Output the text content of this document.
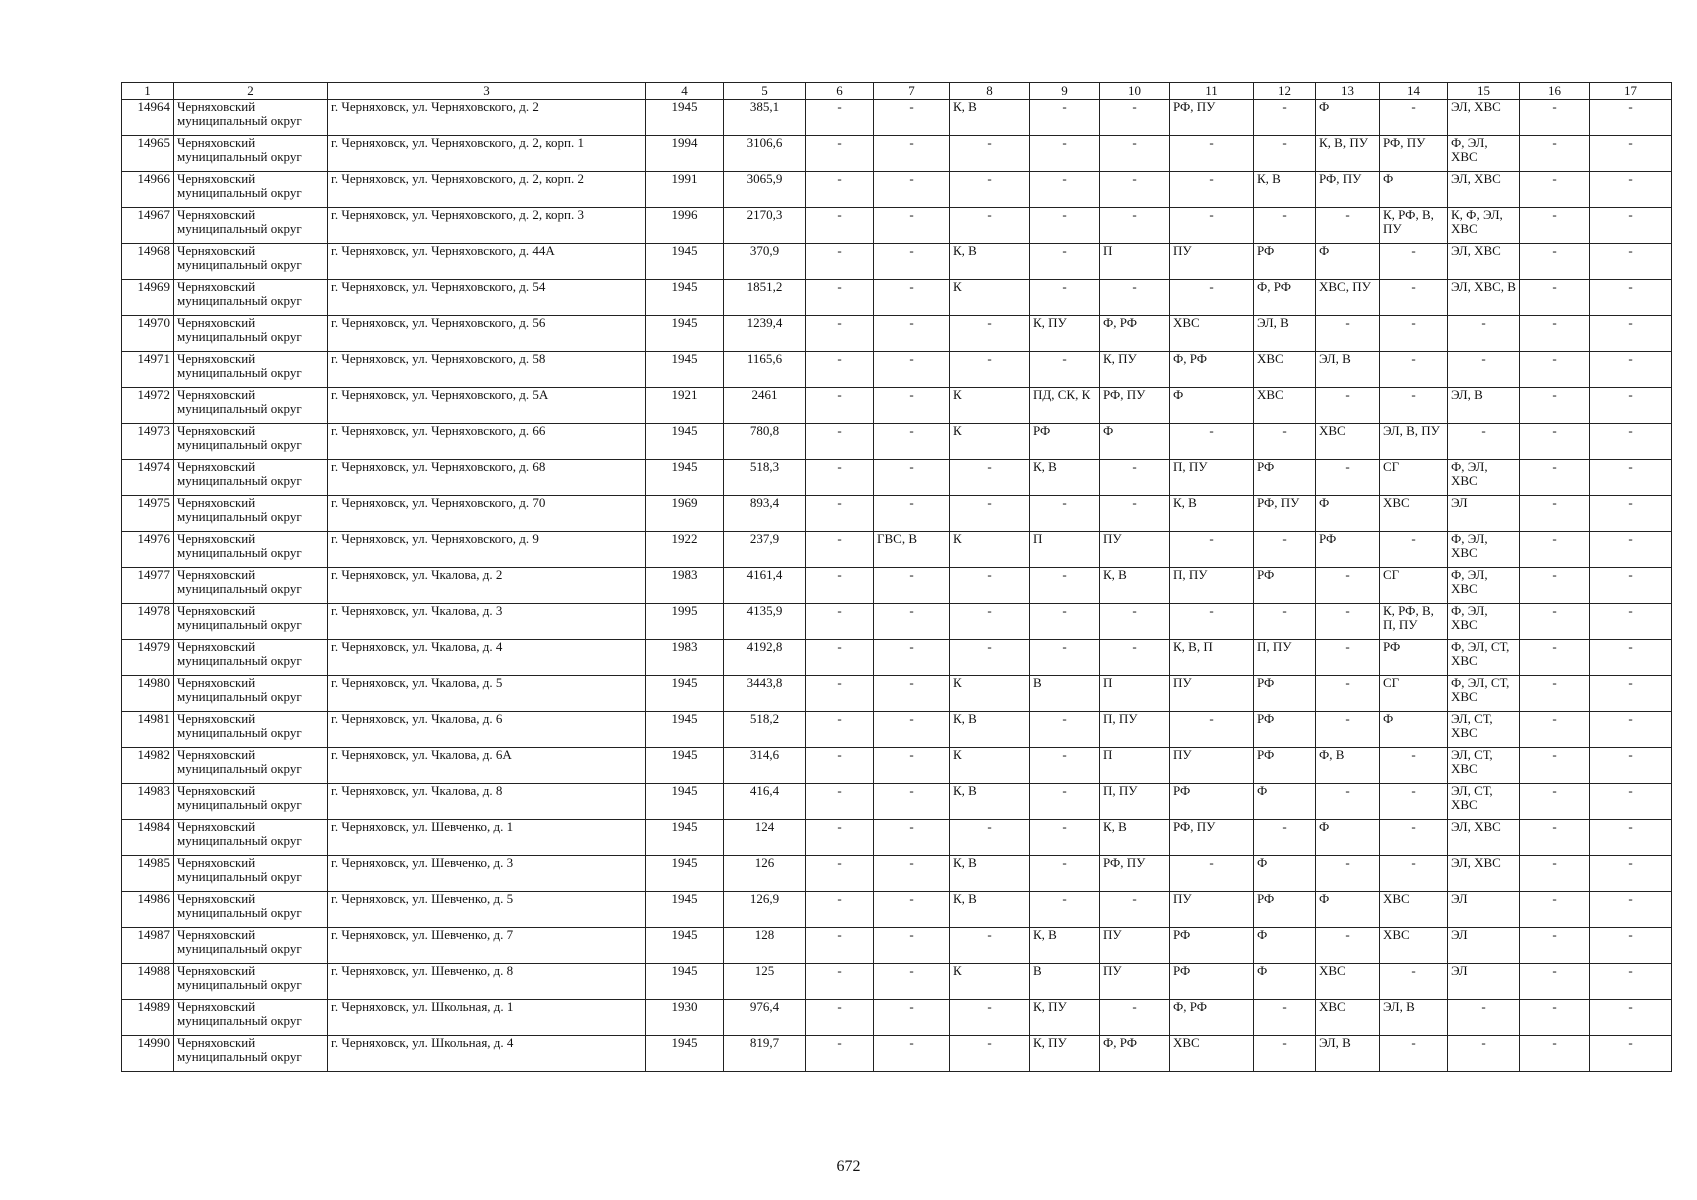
1	2	3	4	5	6	7	8	9	10	11	12	13	14	15	16	17
14964	Черняховский муниципальный округ	г. Черняховск, ул. Черняховского, д. 2	1945	385,1	-	-	К, В	-	-	РФ, ПУ	-	Ф	-	ЭЛ, ХВС	-	-
14965	Черняховский муниципальный округ	г. Черняховск, ул. Черняховского, д. 2, корп. 1	1994	3106,6	-	-	-	-	-	-	-	К, В, ПУ	РФ, ПУ	Ф, ЭЛ, ХВС	-	-
14966	Черняховский муниципальный округ	г. Черняховск, ул. Черняховского, д. 2, корп. 2	1991	3065,9	-	-	-	-	-	-	К, В	РФ, ПУ	Ф	ЭЛ, ХВС	-	-
14967	Черняховский муниципальный округ	г. Черняховск, ул. Черняховского, д. 2, корп. 3	1996	2170,3	-	-	-	-	-	-	-	-	К, РФ, В, ПУ	К, Ф, ЭЛ, ХВС	-	-
14968	Черняховский муниципальный округ	г. Черняховск, ул. Черняховского, д. 44А	1945	370,9	-	-	К, В	-	П	ПУ	РФ	Ф	-	ЭЛ, ХВС	-	-
14969	Черняховский муниципальный округ	г. Черняховск, ул. Черняховского, д. 54	1945	1851,2	-	-	К	-	-	-	Ф, РФ	ХВС, ПУ	-	ЭЛ, ХВС, В	-	-
14970	Черняховский муниципальный округ	г. Черняховск, ул. Черняховского, д. 56	1945	1239,4	-	-	-	К, ПУ	Ф, РФ	ХВС	ЭЛ, В	-	-	-	-	-
14971	Черняховский муниципальный округ	г. Черняховск, ул. Черняховского, д. 58	1945	1165,6	-	-	-	-	К, ПУ	Ф, РФ	ХВС	ЭЛ, В	-	-	-	-
14972	Черняховский муниципальный округ	г. Черняховск, ул. Черняховского, д. 5А	1921	2461	-	-	К	ПД, СК, К	РФ, ПУ	Ф	ХВС	-	-	ЭЛ, В	-	-
14973	Черняховский муниципальный округ	г. Черняховск, ул. Черняховского, д. 66	1945	780,8	-	-	К	РФ	Ф	-	-	ХВС	ЭЛ, В, ПУ	-	-	-
14974	Черняховский муниципальный округ	г. Черняховск, ул. Черняховского, д. 68	1945	518,3	-	-	-	К, В	-	П, ПУ	РФ	-	СГ	Ф, ЭЛ, ХВС	-	-
14975	Черняховский муниципальный округ	г. Черняховск, ул. Черняховского, д. 70	1969	893,4	-	-	-	-	-	К, В	РФ, ПУ	Ф	ХВС	ЭЛ	-	-
14976	Черняховский муниципальный округ	г. Черняховск, ул. Черняховского, д. 9	1922	237,9	-	ГВС, В	К	П	ПУ	-	-	РФ	-	Ф, ЭЛ, ХВС	-	-
14977	Черняховский муниципальный округ	г. Черняховск, ул. Чкалова, д. 2	1983	4161,4	-	-	-	-	К, В	П, ПУ	РФ	-	СГ	Ф, ЭЛ, ХВС	-	-
14978	Черняховский муниципальный округ	г. Черняховск, ул. Чкалова, д. 3	1995	4135,9	-	-	-	-	-	-	-	-	К, РФ, В, П, ПУ	Ф, ЭЛ, ХВС	-	-
14979	Черняховский муниципальный округ	г. Черняховск, ул. Чкалова, д. 4	1983	4192,8	-	-	-	-	-	К, В, П	П, ПУ	-	РФ	Ф, ЭЛ, СТ, ХВС	-	-
14980	Черняховский муниципальный округ	г. Черняховск, ул. Чкалова, д. 5	1945	3443,8	-	-	К	В	П	ПУ	РФ	-	СГ	Ф, ЭЛ, СТ, ХВС	-	-
14981	Черняховский муниципальный округ	г. Черняховск, ул. Чкалова, д. 6	1945	518,2	-	-	К, В	-	П, ПУ	-	РФ	-	Ф	ЭЛ, СТ, ХВС	-	-
14982	Черняховский муниципальный округ	г. Черняховск, ул. Чкалова, д. 6А	1945	314,6	-	-	К	-	П	ПУ	РФ	Ф, В	-	ЭЛ, СТ, ХВС	-	-
14983	Черняховский муниципальный округ	г. Черняховск, ул. Чкалова, д. 8	1945	416,4	-	-	К, В	-	П, ПУ	РФ	Ф	-	-	ЭЛ, СТ, ХВС	-	-
14984	Черняховский муниципальный округ	г. Черняховск, ул. Шевченко, д. 1	1945	124	-	-	-	-	К, В	РФ, ПУ	-	Ф	-	ЭЛ, ХВС	-	-
14985	Черняховский муниципальный округ	г. Черняховск, ул. Шевченко, д. 3	1945	126	-	-	К, В	-	РФ, ПУ	-	Ф	-	-	ЭЛ, ХВС	-	-
14986	Черняховский муниципальный округ	г. Черняховск, ул. Шевченко, д. 5	1945	126,9	-	-	К, В	-	-	ПУ	РФ	Ф	ХВС	ЭЛ	-	-
14987	Черняховский муниципальный округ	г. Черняховск, ул. Шевченко, д. 7	1945	128	-	-	-	К, В	ПУ	РФ	Ф	-	ХВС	ЭЛ	-	-
14988	Черняховский муниципальный округ	г. Черняховск, ул. Шевченко, д. 8	1945	125	-	-	К	В	ПУ	РФ	Ф	ХВС	-	ЭЛ	-	-
14989	Черняховский муниципальный округ	г. Черняховск, ул. Школьная, д. 1	1930	976,4	-	-	-	К, ПУ	-	Ф, РФ	-	ХВС	ЭЛ, В	-	-	-
14990	Черняховский муниципальный округ	г. Черняховск, ул. Школьная, д. 4	1945	819,7	-	-	-	К, ПУ	Ф, РФ	ХВС	-	ЭЛ, В	-	-	-	-
672
